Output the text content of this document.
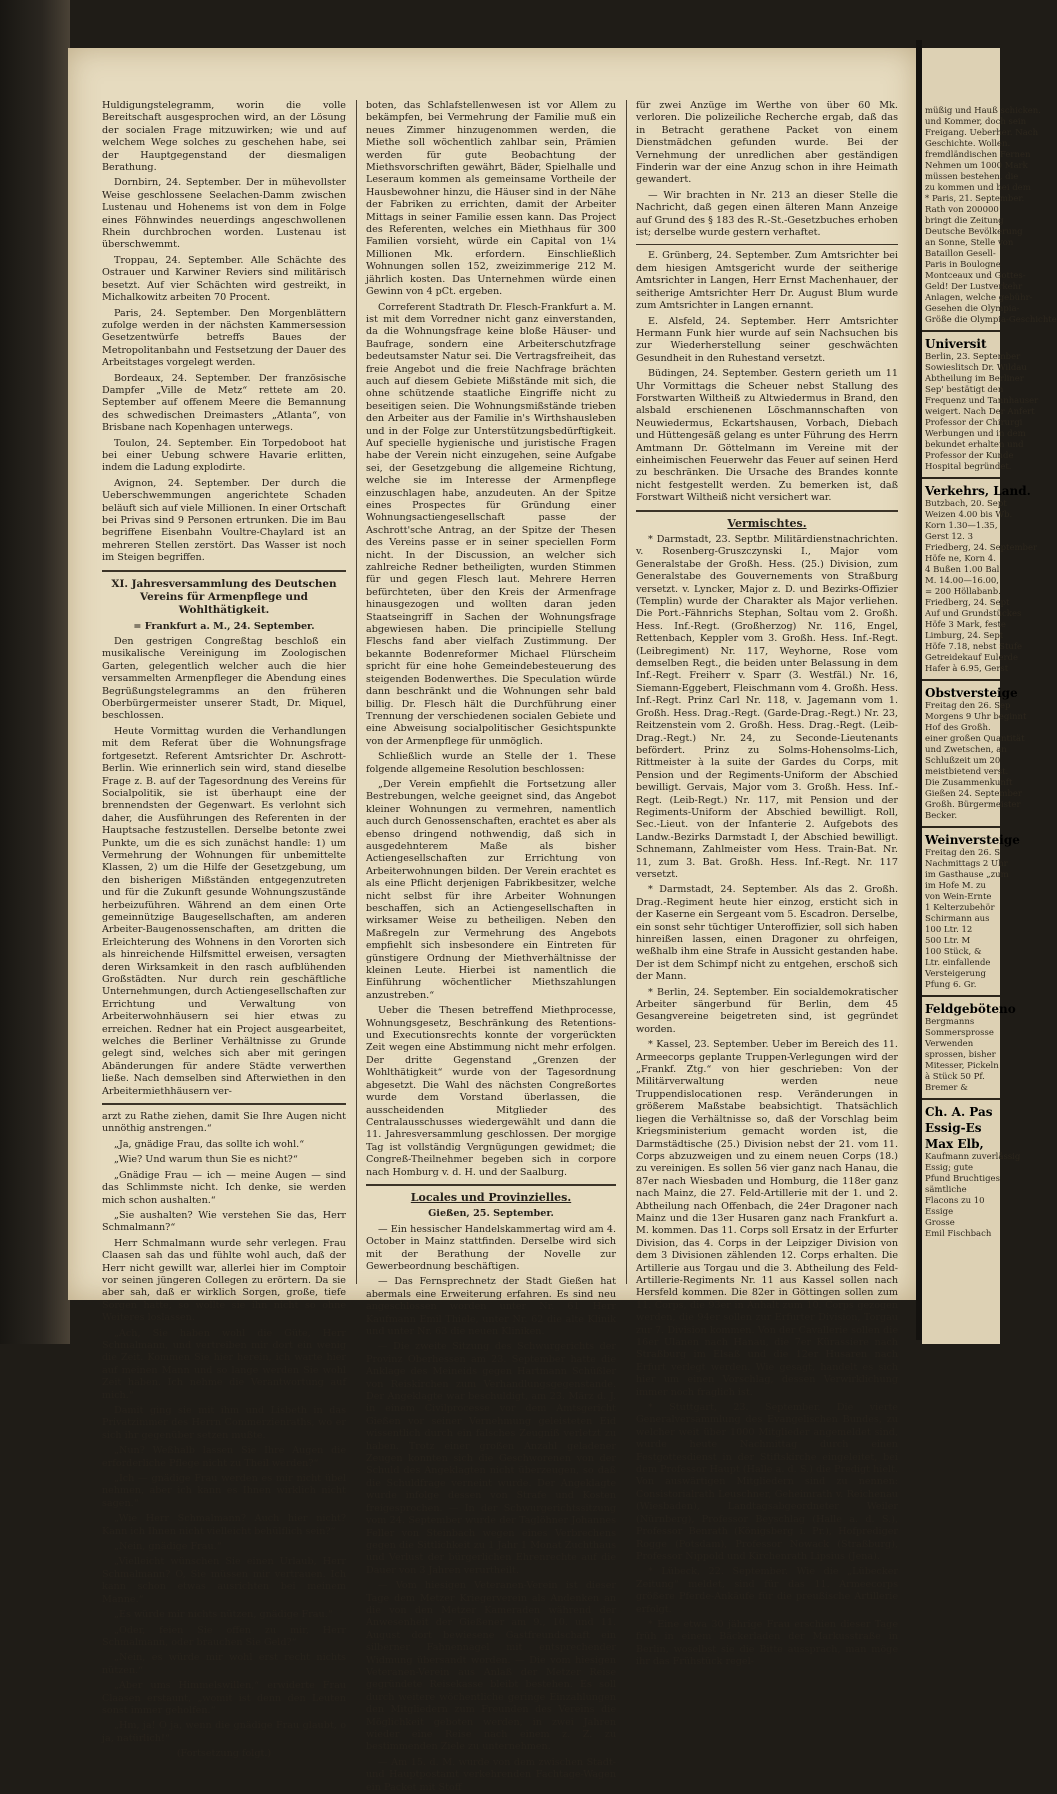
Huldigungstelegramm, worin die volle Bereitschaft ausgesprochen wird, an der Lösung der socialen Frage mitzuwirken; wie und auf welchem Wege solches zu geschehen habe, sei der Hauptgegenstand der diesmaligen Berathung.

Dornbirn, 24. September. Der in mühevollster Weise geschlossene Seelachen-Damm zwischen Lustenau und Hohenems ist von dem in Folge eines Föhnwindes neuerdings angeschwollenen Rhein durchbrochen worden. Lustenau ist überschwemmt.

Troppau, 24. September. Alle Schächte des Ostrauer und Karwiner Reviers sind militärisch besetzt. Auf vier Schächten wird gestreikt, in Michalkowitz arbeiten 70 Procent.

Paris, 24. September. Den Morgenblättern zufolge werden in der nächsten Kammersession Gesetzentwürfe betreffs Baues der Metropolitanbahn und Festsetzung der Dauer des Arbeitstages vorgelegt werden.

Bordeaux, 24. September. Der französische Dampfer „Ville de Metz“ rettete am 20. September auf offenem Meere die Bemannung des schwedischen Dreimasters „Atlanta“, von Brisbane nach Kopenhagen unterwegs.

Toulon, 24. September. Ein Torpedoboot hat bei einer Uebung schwere Havarie erlitten, indem die Ladung explodirte.

Avignon, 24. September. Der durch die Ueberschwemmungen angerichtete Schaden beläuft sich auf viele Millionen. In einer Ortschaft bei Privas sind 9 Personen ertrunken. Die im Bau begriffene Eisenbahn Voultre-Chaylard ist an mehreren Stellen zerstört. Das Wasser ist noch im Steigen begriffen.

XI. Jahresversammlung des Deutschen Vereins für Armenpflege und Wohlthätigkeit.
= Frankfurt a. M., 24. September.

Den gestrigen Congreßtag beschloß ein musikalische Vereinigung im Zoologischen Garten, gelegentlich welcher auch die hier versammelten Armenpfleger die Abendung eines Begrüßungstelegramms an den früheren Oberbürgermeister unserer Stadt, Dr. Miquel, beschlossen.

Heute Vormittag wurden die Verhandlungen mit dem Referat über die Wohnungsfrage fortgesetzt. Referent Amtsrichter Dr. Aschrott-Berlin. Wie erinnerlich sein wird, stand dieselbe Frage z. B. auf der Tagesordnung des Vereins für Socialpolitik, sie ist überhaupt eine der brennendsten der Gegenwart. Es verlohnt sich daher, die Ausführungen des Referenten in der Hauptsache festzustellen. Derselbe betonte zwei Punkte, um die es sich zunächst handle: 1) um Vermehrung der Wohnungen für unbemittelte Klassen, 2) um die Hilfe der Gesetzgebung, um den bisherigen Mißständen entgegenzutreten und für die Zukunft gesunde Wohnungszustände herbeizuführen. Während an dem einen Orte gemeinnützige Baugesellschaften, am anderen Arbeiter-Baugenossenschaften, am dritten die Erleichterung des Wohnens in den Vororten sich als hinreichende Hilfsmittel erweisen, versagten deren Wirksamkeit in den rasch aufblühenden Großstädten. Nur durch rein geschäftliche Unternehmungen, durch Actiengesellschaften zur Errichtung und Verwaltung von Arbeiterwohnhäusern sei hier etwas zu erreichen. Redner hat ein Project ausgearbeitet, welches die Berliner Verhältnisse zu Grunde gelegt sind, welches sich aber mit geringen Abänderungen für andere Städte verwerthen ließe. Nach demselben sind Afterwiethen in den Arbeitermiethhäusern ver-

arzt zu Rathe ziehen, damit Sie Ihre Augen nicht unnöthig anstrengen.“

„Ja, gnädige Frau, das sollte ich wohl.“

„Wie? Und warum thun Sie es nicht?“

„Gnädige Frau — ich — meine Augen — sind das Schlimmste nicht. Ich denke, sie werden mich schon aushalten.“

„Sie aushalten? Wie verstehen Sie das, Herr Schmalmann?“

Herr Schmalmann wurde sehr verlegen. Frau Claasen sah das und fühlte wohl auch, daß der Herr nicht gewillt war, allerlei hier im Comptoir vor seinen jüngeren Collegen zu erörtern. Da sie aber sah, daß er wirklich Sorgen, große, tiefe Sorgen hatte, so wollte sie ihn nicht so ohne Weiteres loslassen.

„Ach, Sie haben wohl die Güte, Herr Schmalmann, und vertreiben mir dort ein wenig die Zeit. Kommen Sie hier herein, ich warte hier auf meinen Mann und so lange werden Sie wohl Zeit haben. Ich nehme die Verantwortung auf mich.“

Damit ging sie mit ihm und Lisbeth in das Privatzimmer des Herrn Commerzienraths, wo er sich ihr gegenüber setzen mußte.

„Nun? Weßhalb lassen Sie Ihre Augen die erforderliche Pflege nicht zu Theil werden?“

„Ich — gnädige Frau werden es mir nicht übel nehmen, aber ich kann es Ihnen wirklich nicht sagen.“

„Wie Herr Schmalmann? Auch hier nicht? Kann ich Ihnen nicht vielleicht behülflich sein?“

„Nein, gnädige Frau.“

„Vielleicht wünschen Sie einen Urlaub, Herr Schmalmann? O, Sie müssen mir vertrauen. Ich kann schon etwas ausrichten bei meinem Manne.“

„Es würde mir nichts nützen, gnädige Frau.“

„Oder, feien Sie offen zu mir, Herr Schmalmann, oder brauchen Sie Geld?“

„Nein, es würde mir wohl erst recht nichts nützen.“

„Aber ums Himmelswillen,“ erwiderte Frau Claasen erstaunt, „womit ist denn den Leuten sonst immer geholfen.“

„Hm, ja! O ja, wenn die gnädige Frau glaubt, o ja, natürlich!“

(Fortsetzung folgt.)

boten, das Schlafstellenwesen ist vor Allem zu bekämpfen, bei Vermehrung der Familie muß ein neues Zimmer hinzugenommen werden, die Miethe soll wöchentlich zahlbar sein, Prämien werden für gute Beobachtung der Miethsvorschriften gewährt, Bäder, Spielhalle und Leseraum kommen als gemeinsame Vortheile der Hausbewohner hinzu, die Häuser sind in der Nähe der Fabriken zu errichten, damit der Arbeiter Mittags in seiner Familie essen kann. Das Project des Referenten, welches ein Miethhaus für 300 Familien vorsieht, würde ein Capital von 1¼ Millionen Mk. erfordern. Einschließlich Wohnungen sollen 152, zweizimmerige 212 M. jährlich kosten. Das Unternehmen würde einen Gewinn von 4 pCt. ergeben.

Correferent Stadtrath Dr. Flesch-Frankfurt a. M. ist mit dem Vorredner nicht ganz einverstanden, da die Wohnungsfrage keine bloße Häuser- und Baufrage, sondern eine Arbeiterschutzfrage bedeutsamster Natur sei. Die Vertragsfreiheit, das freie Angebot und die freie Nachfrage brächten auch auf diesem Gebiete Mißstände mit sich, die ohne schützende staatliche Eingriffe nicht zu beseitigen seien. Die Wohnungsmißstände trieben den Arbeiter aus der Familie in's Wirthshausleben und in der Folge zur Unterstützungsbedürftigkeit. Auf specielle hygienische und juristische Fragen habe der Verein nicht einzugehen, seine Aufgabe sei, der Gesetzgebung die allgemeine Richtung, welche sie im Interesse der Armenpflege einzuschlagen habe, anzudeuten. An der Spitze eines Prospectes für Gründung einer Wohnungsactiengesellschaft passe der Aschrott'sche Antrag, an der Spitze der Thesen des Vereins passe er in seiner speciellen Form nicht. In der Discussion, an welcher sich zahlreiche Redner betheiligten, wurden Stimmen für und gegen Flesch laut. Mehrere Herren befürchteten, über den Kreis der Armenfrage hinausgezogen und wollten daran jeden Staatseingriff in Sachen der Wohnungsfrage abgewiesen haben. Die principielle Stellung Fleschs fand aber vielfach Zustimmung. Der bekannte Bodenreformer Michael Flürscheim spricht für eine hohe Gemeindebesteuerung des steigenden Bodenwerthes. Die Speculation würde dann beschränkt und die Wohnungen sehr bald billig. Dr. Flesch hält die Durchführung einer Trennung der verschiedenen socialen Gebiete und eine Abweisung socialpolitischer Gesichtspunkte von der Armenpflege für unmöglich.

Schließlich wurde an Stelle der 1. These folgende allgemeine Resolution beschlossen:

„Der Verein empfiehlt die Fortsetzung aller Bestrebungen, welche geeignet sind, das Angebot kleiner Wohnungen zu vermehren, namentlich auch durch Genossenschaften, erachtet es aber als ebenso dringend nothwendig, daß sich in ausgedehnterem Maße als bisher Actiengesellschaften zur Errichtung von Arbeiterwohnungen bilden. Der Verein erachtet es als eine Pflicht derjenigen Fabrikbesitzer, welche nicht selbst für ihre Arbeiter Wohnungen beschaffen, sich an Actiengesellschaften in wirksamer Weise zu betheiligen. Neben den Maßregeln zur Vermehrung des Angebots empfiehlt sich insbesondere ein Eintreten für günstigere Ordnung der Miethverhältnisse der kleinen Leute. Hierbei ist namentlich die Einführung wöchentlicher Miethszahlungen anzustreben.“

Ueber die Thesen betreffend Miethprocesse, Wohnungsgesetz, Beschränkung des Retentions- und Executionsrechts konnte der vorgerückten Zeit wegen eine Abstimmung nicht mehr erfolgen. Der dritte Gegenstand „Grenzen der Wohlthätigkeit“ wurde von der Tagesordnung abgesetzt. Die Wahl des nächsten Congreßortes wurde dem Vorstand überlassen, die ausscheidenden Mitglieder des Centralausschusses wiedergewählt und dann die 11. Jahresversammlung geschlossen. Der morgige Tag ist vollständig Vergnügungen gewidmet; die Congreß-Theilnehmer begeben sich in corpore nach Homburg v. d. H. und der Saalburg.

Locales und Provinzielles.
Gießen, 25. September.

— Ein hessischer Handelskammertag wird am 4. October in Mainz stattfinden. Derselbe wird sich mit der Berathung der Novelle zur Gewerbeordnung beschäftigen.

— Das Fernsprechnetz der Stadt Gießen hat abermals eine Erweiterung erfahren. Es sind neu angeschlossen worden unter Nr. 61 Herr Kaufmann Emil Thiele, unter Nr. 62 die alte Klinik und unter Nr. 63 die neuen Kliniken.

— Die zweite Sitzung des Schwurgerichts der Provinz Oberhessen am 23. September hatte die Anklage des Meineids gegen Hartmann Schüßler von Reiskirchen zum Verhandlungsgegenstande. Der Angeklagte war beschuldigt, am 23. März d. J. in einem Civilprocesse vor dem Amtsgericht Gießen vor seiner Vernehmung geleisteten Eid wissentlich durch ein falsches Zeugniß verletzt zu haben. Trotz einer großen Anzahl geladener Zeugen konnten sich die Geschworenen von der Schuld des Angeklagten nicht überzeugen, so daß die Schuldfrage verneint wurde. Der Angeklagte wurde infolge dessen von Strafe und Kosten freigesprochen. — In der Schwurgerichtssitzung vom 24. September wurde der Taglöhner Johannes Feller von Steinbach wegen eines Verbrechens gegen die Sittlichkeit zu 1 Jahr 1 Monat Zuchthaus und Verlust der bürgerlichen Ehrenrechte auf die Dauer von 3 Jahren verurtheilt.

— Vom hiesigen Veteranen-Verein ist dieser Tage dem Metzer Kriegerverein als Andenken an die von den Metzer Kameraden während der Anwesenheit der Gießener am 9., 10. und 11. August dort bewiesene Gastfreundschaft ein silberner Fahnennagel mit entsprechender Widmung übersandt worden. — Die vom hiesigen Veteranen-Verein aus Anlaß der Metzer Reise gegründete Reisekasse bleibt bestehen. Es soll durch weitere wöchentliche geringe Einzahlungen den Mitgliedern zum Freunden des Vereins die Möglichkeit geboten werden, in zwei Jahren wieder eine Reise nach einem z. Z. zu bestimmenden Ziele zu unternehmen.

— Am 15. d. M. wurde von dem zwischen Stadt- und Hauptpostamt verkehrenden Fachtage-Wagen ein Packet mit Stoff

für zwei Anzüge im Werthe von über 60 Mk. verloren. Die polizeiliche Recherche ergab, daß das in Betracht gerathene Packet von einem Dienstmädchen gefunden wurde. Bei der Vernehmung der unredlichen aber geständigen Finderin war der eine Anzug schon in ihre Heimath gewandert.

— Wir brachten in Nr. 213 an dieser Stelle die Nachricht, daß gegen einen älteren Mann Anzeige auf Grund des § 183 des R.-St.-Gesetzbuches erhoben ist; derselbe wurde gestern verhaftet.

E. Grünberg, 24. September. Zum Amtsrichter bei dem hiesigen Amtsgericht wurde der seitherige Amtsrichter in Langen, Herr Ernst Machenhauer, der seitherige Amtsrichter Herr Dr. August Blum wurde zum Amtsrichter in Langen ernannt.

E. Alsfeld, 24. September. Herr Amtsrichter Hermann Funk hier wurde auf sein Nachsuchen bis zur Wiederherstellung seiner geschwächten Gesundheit in den Ruhestand versetzt.

Büdingen, 24. September. Gestern gerieth um 11 Uhr Vormittags die Scheuer nebst Stallung des Forstwarten Wiltheiß zu Altwiedermus in Brand, den alsbald erschienenen Löschmannschaften von Neuwiedermus, Eckartshausen, Vorbach, Diebach und Hüttengesäß gelang es unter Führung des Herrn Amtmann Dr. Göttelmann im Vereine mit der einheimischen Feuerwehr das Feuer auf seinen Herd zu beschränken. Die Ursache des Brandes konnte nicht festgestellt werden. Zu bemerken ist, daß Forstwart Wiltheiß nicht versichert war.

Vermischtes.

* Darmstadt, 23. Septbr. Militärdienstnachrichten. v. Rosenberg-Gruszczynski I., Major vom Generalstabe der Großh. Hess. (25.) Division, zum Generalstabe des Gouvernements von Straßburg versetzt. v. Lyncker, Major z. D. und Bezirks-Offizier (Templin) wurde der Charakter als Major verliehen. Die Port.-Fähnrichs Stephan, Soltau vom 2. Großh. Hess. Inf.-Regt. (Großherzog) Nr. 116, Engel, Rettenbach, Keppler vom 3. Großh. Hess. Inf.-Regt. (Leibregiment) Nr. 117, Weyhorne, Rose vom demselben Regt., die beiden unter Belassung in dem Inf.-Regt. Freiherr v. Sparr (3. Westfäl.) Nr. 16, Siemann-Eggebert, Fleischmann vom 4. Großh. Hess. Inf.-Regt. Prinz Carl Nr. 118, v. Jagemann vom 1. Großh. Hess. Drag.-Regt. (Garde-Drag.-Regt.) Nr. 23, Reitzenstein vom 2. Großh. Hess. Drag.-Regt. (Leib-Drag.-Regt.) Nr. 24, zu Seconde-Lieutenants befördert. Prinz zu Solms-Hohensolms-Lich, Rittmeister à la suite der Gardes du Corps, mit Pension und der Regiments-Uniform der Abschied bewilligt. Gervais, Major vom 3. Großh. Hess. Inf.-Regt. (Leib-Regt.) Nr. 117, mit Pension und der Regiments-Uniform der Abschied bewilligt. Roll, Sec.-Lieut. von der Infanterie 2. Aufgebots des Landw.-Bezirks Darmstadt I, der Abschied bewilligt. Schnemann, Zahlmeister vom Hess. Train-Bat. Nr. 11, zum 3. Bat. Großh. Hess. Inf.-Regt. Nr. 117 versetzt.

* Darmstadt, 24. September. Als das 2. Großh. Drag.-Regiment heute hier einzog, ersticht sich in der Kaserne ein Sergeant vom 5. Escadron. Derselbe, ein sonst sehr tüchtiger Unteroffizier, soll sich haben hinreißen lassen, einen Dragoner zu ohrfeigen, weßhalb ihm eine Strafe in Aussicht gestanden habe. Der ist dem Schimpf nicht zu entgehen, erschoß sich der Mann.

* Berlin, 24. September. Ein socialdemokratischer Arbeiter sängerbund für Berlin, dem 45 Gesangvereine beigetreten sind, ist gegründet worden.

* Kassel, 23. September. Ueber im Bereich des 11. Armeecorps geplante Truppen-Verlegungen wird der „Frankf. Ztg.“ von hier geschrieben: Von der Militärverwaltung werden neue Truppendislocationen resp. Veränderungen in größerem Maßstabe beabsichtigt. Thatsächlich liegen die Verhältnisse so, daß der Vorschlag beim Kriegsministerium gemacht worden ist, die Darmstädtische (25.) Division nebst der 21. vom 11. Corps abzuzweigen und zu einem neuen Corps (18.) zu vereinigen. Es sollen 56 vier ganz nach Hanau, die 87er nach Wiesbaden und Homburg, die 118er ganz nach Mainz, die 27. Feld-Artillerie mit der 1. und 2. Abtheilung nach Offenbach, die 24er Dragoner nach Mainz und die 13er Husaren ganz nach Frankfurt a. M. kommen. Das 11. Corps soll Ersatz in der Erfurter Division, das 4. Corps in der Leipziger Division von dem 3 Divisionen zählenden 12. Corps erhalten. Die Artillerie aus Torgau und die 3. Abtheilung des Feld-Artillerie-Regiments Nr. 11 aus Kassel sollen nach Hersfeld kommen. Die 82er in Göttingen sollen zum 11. Corps, die 93er in Anhalt zum 10. Corps gezogen werden, die 94er sollen zur Erfurter Division, Torgau zur 7. Division kommen. Von der Cavallerie sollen die 16er Ulanen nach Hanau, die 7er Kürassiere nach Straßburg im Elsaß und die 12er Husaren nach Erfurt verlegt werden. Wie gesagt, handelt es sich hier um einen Vorschlag, dessen Verwirklichung immer noch fraglich ist.

* Stuttgart, 23. September. Die vierte Generalversammlung des Evangelischen Bundes, zu welcher weit über 1000 Mitglieder angemeldet sind, wurde heute Nachmittag durch einen Festgottesdienst in der Stiftskirche eingeleitet, bei dem Professor Haupt (Halle a. d. S.) die Predigt hielt. Von auswärtigen Mitgliedern sind zu nennen: Consistorialrath Leuschner, Geheimrath v. Reichenau (Wiesbaden), Landtagsabgeordneter Weiler (Nürnberg), Professor Beyschlag (Halle a. d. S.), Professor Benrath (Königsberg i. Pr.), Hofprediger Rogge (Potsdam), Professor Nowack (Straßburg), Professor Nippold und Kirchenrath Lipsius (Jena).

* Lübeck, 22. September. Wie die „Lübecker Zeitung“ meldet, sind für das 11. Armeecorps größere Pferde-Ankäufe für die preußische Artillerie erfolgt.

* Eine etwa 30 jährige Frau erschien dieser Tage früh in einem Bäckerladen der Markusstraße in Berlin, woselbst sie die Bitte aussprach, man möge ihr das Frühstück regel-

müßig und Hauß schicken.
und Kommer, doch sein
Freigang. Ueberher. Nach
Geschichte. Wollen.
fremdländischen Fernen
Nehmen um 1000 Mark
müssen bestehen, die
zu kommen und bei dem
* Paris, 21. September.
Rath von 200000
bringt die Zeitung
Deutsche Bevölkerung
an Sonne, Stelle von
Bataillon Gesell-
Paris in Boulogne
Montceaux und Gottes-
Geld! Der Lustverkehr
Anlagen, welche gebühr-
Gesehen die Olympia-
Größe die Olympia-Geschichte
Universit
Berlin, 23. September
Sowieslitsch Dr. Wildau
Abtheilung im Berliner
Sep' bestätigt den
Frequenz und Tannhauser
weigert. Nach Der Anfert
Professor der Chirurgi
Werbungen und in dem
bekundet erhalten und
Professor der Kunde
Hospital begründet.
Verkehrs, Land.
Butzbach, 20. Sept
Weizen 4.00 bis Wb.
Korn 1.30—1.35,
Gerst 12. 3
Friedberg, 24. September
Höfe ne, Korn 4.
4 Bußen 1.00 Bal
M. 14.00—16.00,
= 200 Höllabanb.
Friedberg, 24. Sept
Auf und Grundstückes
Höfe 3 Mark, feste
Limburg, 24. Sept
Höfe 7.18, nebst Stufe
Getreidekauf Eulerde
Hafer à 6.95, Gerst
Obstversteige
Freitag den 26. Sep
Morgens 9 Uhr beginnt
Hof des Großh.
einer großen Quantität
und Zwetschen, an
Schlußzeit um 20
meistbietend verst.
Die Zusammenkunft
Gießen 24. September
Großh. Bürgermeister
Becker.
Weinversteige
Freitag den 26. S
Nachmittags 2 Uhr
im Gasthause „zum
im Hofe M. zu
von Wein-Ernte
1 Kelterzubehör
Schirmann aus
100 Ltr. 12
500 Ltr. M
100 Stück, &
Ltr. einfallende
Versteigerung
Pfung 6. Gr.
Feldgeböteno
Bergmanns
Sommersprosse
Verwenden
sprossen, bisher
Mitesser, Pickeln
à Stück 50 Pf.
Bremer &
Ch. A. Pas
Essig-Es
Max Elb,
Kaufmann zuverlässig
Essig; gute
Pfund Bruchtiges
sämtliche
Flacons zu 10
Essige
Grosse
Emil Fischbach
